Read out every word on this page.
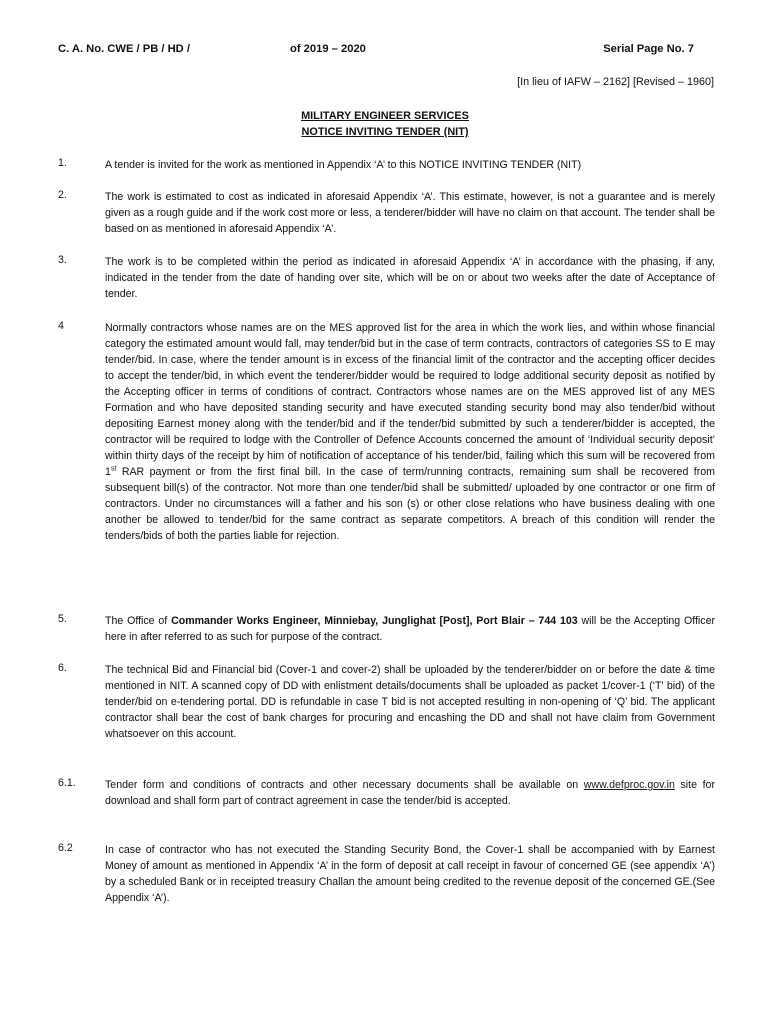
C. A. No. CWE / PB / HD /	of 2019 – 2020	Serial Page No. 7
[In lieu of IAFW – 2162] [Revised – 1960]
MILITARY ENGINEER SERVICES
NOTICE INVITING TENDER (NIT)
1.	A tender is invited for the work as mentioned in Appendix ‘A’ to this NOTICE INVITING TENDER (NIT)
2.	The work is estimated to cost as indicated in aforesaid Appendix ‘A’. This estimate, however, is not a guarantee and is merely given as a rough guide and if the work cost more or less, a tenderer/bidder will have no claim on that account. The tender shall be based on as mentioned in aforesaid Appendix ‘A’.
3.	The work is to be completed within the period as indicated in aforesaid Appendix ‘A’ in accordance with the phasing, if any, indicated in the tender from the date of handing over site, which will be on or about two weeks after the date of Acceptance of tender.
4	Normally contractors whose names are on the MES approved list for the area in which the work lies, and within whose financial category the estimated amount would fall, may tender/bid but in the case of term contracts, contractors of categories SS to E may tender/bid. In case, where the tender amount is in excess of the financial limit of the contractor and the accepting officer decides to accept the tender/bid, in which event the tenderer/bidder would be required to lodge additional security deposit as notified by the Accepting officer in terms of conditions of contract. Contractors whose names are on the MES approved list of any MES Formation and who have deposited standing security and have executed standing security bond may also tender/bid without depositing Earnest money along with the tender/bid and if the tender/bid submitted by such a tenderer/bidder is accepted, the contractor will be required to lodge with the Controller of Defence Accounts concerned the amount of ‘Individual security deposit’ within thirty days of the receipt by him of notification of acceptance of his tender/bid, failing which this sum will be recovered from 1st RAR payment or from the first final bill. In the case of term/running contracts, remaining sum shall be recovered from subsequent bill(s) of the contractor. Not more than one tender/bid shall be submitted/ uploaded by one contractor or one firm of contractors. Under no circumstances will a father and his son (s) or other close relations who have business dealing with one another be allowed to tender/bid for the same contract as separate competitors. A breach of this condition will render the tenders/bids of both the parties liable for rejection.
5.	The Office of Commander Works Engineer, Minniebay, Junglighat [Post], Port Blair – 744 103 will be the Accepting Officer here in after referred to as such for purpose of the contract.
6.	The technical Bid and Financial bid (Cover-1 and cover-2) shall be uploaded by the tenderer/bidder on or before the date & time mentioned in NIT. A scanned copy of DD with enlistment details/documents shall be uploaded as packet 1/cover-1 (‘T’ bid) of the tender/bid on e-tendering portal. DD is refundable in case T bid is not accepted resulting in non-opening of ‘Q’ bid. The applicant contractor shall bear the cost of bank charges for procuring and encashing the DD and shall not have claim from Government whatsoever on this account.
6.1.	Tender form and conditions of contracts and other necessary documents shall be available on www.defproc.gov.in site for download and shall form part of contract agreement in case the tender/bid is accepted.
6.2	In case of contractor who has not executed the Standing Security Bond, the Cover-1 shall be accompanied with by Earnest Money of amount as mentioned in Appendix ‘A’ in the form of deposit at call receipt in favour of concerned GE (see appendix ‘A’) by a scheduled Bank or in receipted treasury Challan the amount being credited to the revenue deposit of the concerned GE.(See Appendix ‘A’).
